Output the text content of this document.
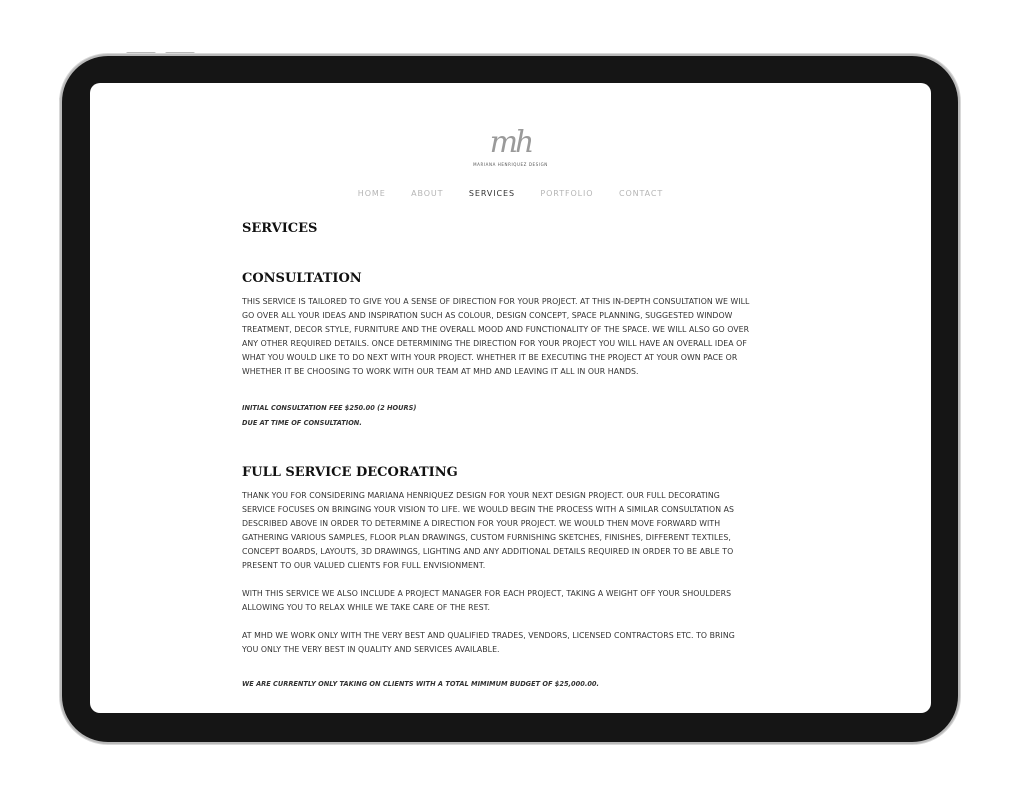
mh
MARIANA HENRIQUEZ DESIGN
HOME	ABOUT	SERVICES	PORTFOLIO	CONTACT
SERVICES
CONSULTATION

THIS SERVICE IS TAILORED TO GIVE YOU A SENSE OF DIRECTION FOR YOUR PROJECT. AT THIS IN-DEPTH CONSULTATION WE WILL

GO OVER ALL YOUR IDEAS AND INSPIRATION SUCH AS COLOUR, DESIGN CONCEPT, SPACE PLANNING, SUGGESTED WINDOW

TREATMENT, DECOR STYLE, FURNITURE AND THE OVERALL MOOD AND FUNCTIONALITY OF THE SPACE. WE WILL ALSO GO OVER

ANY OTHER REQUIRED DETAILS. ONCE DETERMINING THE DIRECTION FOR YOUR PROJECT YOU WILL HAVE AN OVERALL IDEA OF

WHAT YOU WOULD LIKE TO DO NEXT WITH YOUR PROJECT. WHETHER IT BE EXECUTING THE PROJECT AT YOUR OWN PACE OR

WHETHER IT BE CHOOSING TO WORK WITH OUR TEAM AT MHD AND LEAVING IT ALL IN OUR HANDS.

INITIAL CONSULTATION FEE $250.00 (2 HOURS)

DUE AT TIME OF CONSULTATION.

FULL SERVICE DECORATING

THANK YOU FOR CONSIDERING MARIANA HENRIQUEZ DESIGN FOR YOUR NEXT DESIGN PROJECT. OUR FULL DECORATING

SERVICE FOCUSES ON BRINGING YOUR VISION TO LIFE. WE WOULD BEGIN THE PROCESS WITH A SIMILAR CONSULTATION AS

DESCRIBED ABOVE IN ORDER TO DETERMINE A DIRECTION FOR YOUR PROJECT. WE WOULD THEN MOVE FORWARD WITH

GATHERING VARIOUS SAMPLES, FLOOR PLAN DRAWINGS, CUSTOM FURNISHING SKETCHES, FINISHES, DIFFERENT TEXTILES,

CONCEPT BOARDS, LAYOUTS, 3D DRAWINGS, LIGHTING AND ANY ADDITIONAL DETAILS REQUIRED IN ORDER TO BE ABLE TO

PRESENT TO OUR VALUED CLIENTS FOR FULL ENVISIONMENT.

WITH THIS SERVICE WE ALSO INCLUDE A PROJECT MANAGER FOR EACH PROJECT, TAKING A WEIGHT OFF YOUR SHOULDERS

ALLOWING YOU TO RELAX WHILE WE TAKE CARE OF THE REST.

AT MHD WE WORK ONLY WITH THE VERY BEST AND QUALIFIED TRADES, VENDORS, LICENSED CONTRACTORS ETC. TO BRING

YOU ONLY THE VERY BEST IN QUALITY AND SERVICES AVAILABLE.

WE ARE CURRENTLY ONLY TAKING ON CLIENTS WITH A TOTAL MIMIMUM BUDGET OF $25,000.00.
